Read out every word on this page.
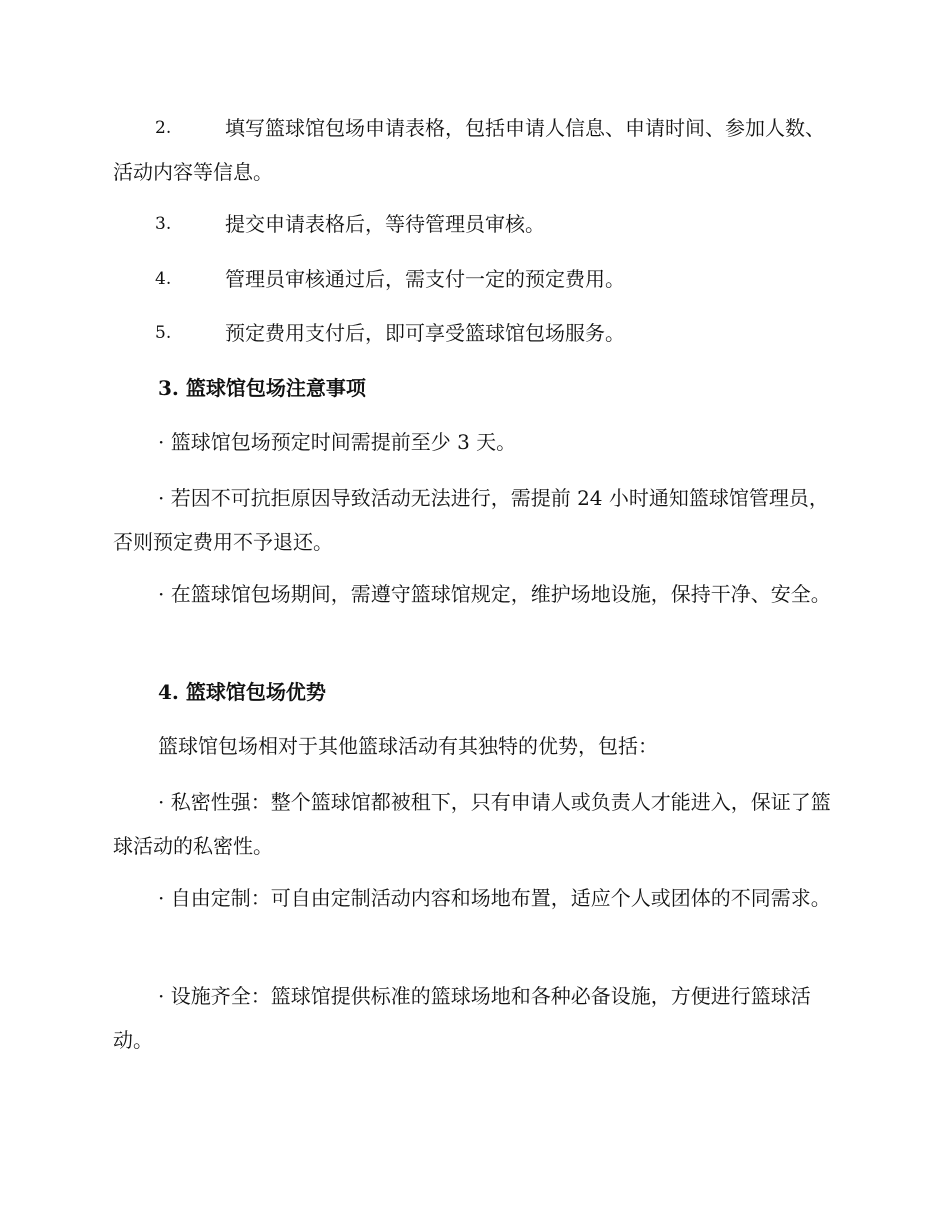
2.	填写篮球馆包场申请表格，包括申请人信息、申请时间、参加人数、活动内容等信息。
3.	提交申请表格后，等待管理员审核。
4.	管理员审核通过后，需支付一定的预定费用。
5.	预定费用支付后，即可享受篮球馆包场服务。
3. 篮球馆包场注意事项
· 篮球馆包场预定时间需提前至少 3 天。
· 若因不可抗拒原因导致活动无法进行，需提前 24 小时通知篮球馆管理员，否则预定费用不予退还。
· 在篮球馆包场期间，需遵守篮球馆规定，维护场地设施，保持干净、安全。
4. 篮球馆包场优势
篮球馆包场相对于其他篮球活动有其独特的优势，包括：
· 私密性强：整个篮球馆都被租下，只有申请人或负责人才能进入，保证了篮球活动的私密性。
· 自由定制：可自由定制活动内容和场地布置，适应个人或团体的不同需求。
· 设施齐全：篮球馆提供标准的篮球场地和各种必备设施，方便进行篮球活动。
